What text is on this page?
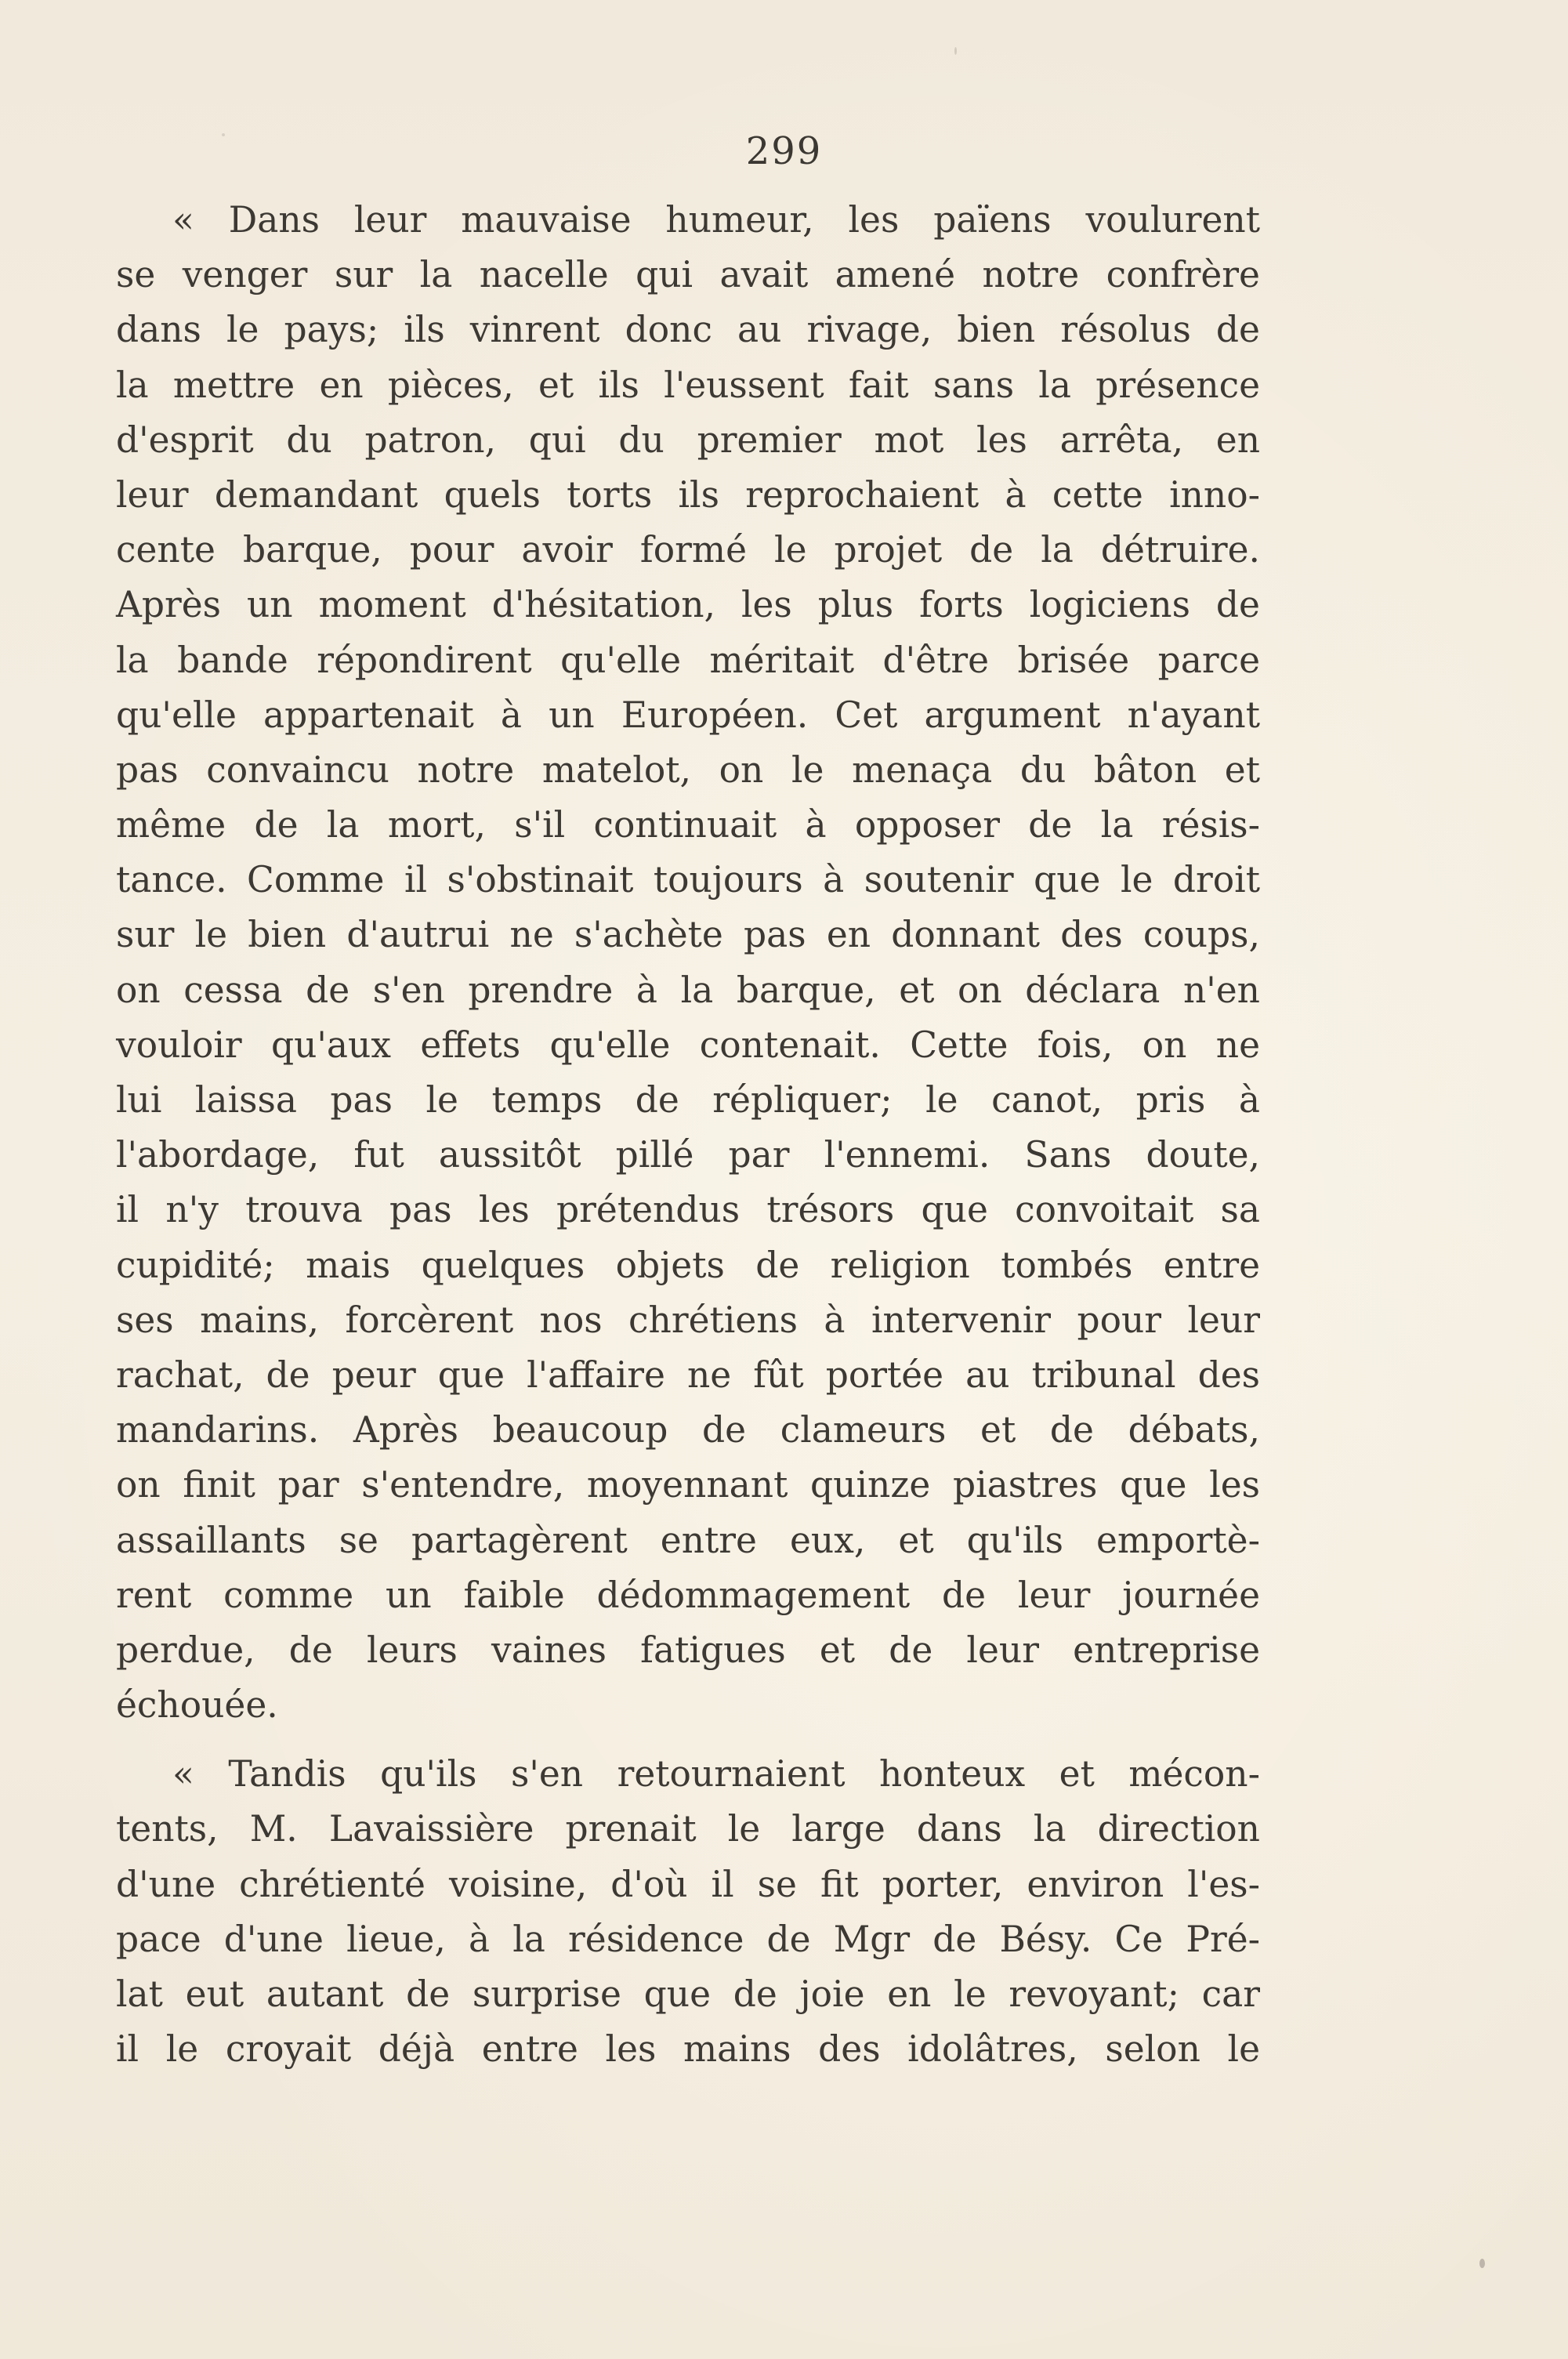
299
« Dans leur mauvaise humeur, les païens voulurent
se venger sur la nacelle qui avait amené notre confrère
dans le pays; ils vinrent donc au rivage, bien résolus de
la mettre en pièces, et ils l'eussent fait sans la présence
d'esprit du patron, qui du premier mot les arrêta, en
leur demandant quels torts ils reprochaient à cette inno-
cente barque, pour avoir formé le projet de la détruire.
Après un moment d'hésitation, les plus forts logiciens de
la bande répondirent qu'elle méritait d'être brisée parce
qu'elle appartenait à un Européen. Cet argument n'ayant
pas convaincu notre matelot, on le menaça du bâton et
même de la mort, s'il continuait à opposer de la résis-
tance. Comme il s'obstinait toujours à soutenir que le droit
sur le bien d'autrui ne s'achète pas en donnant des coups,
on cessa de s'en prendre à la barque, et on déclara n'en
vouloir qu'aux effets qu'elle contenait. Cette fois, on ne
lui laissa pas le temps de répliquer; le canot, pris à
l'abordage, fut aussitôt pillé par l'ennemi. Sans doute,
il n'y trouva pas les prétendus trésors que convoitait sa
cupidité; mais quelques objets de religion tombés entre
ses mains, forcèrent nos chrétiens à intervenir pour leur
rachat, de peur que l'affaire ne fût portée au tribunal des
mandarins. Après beaucoup de clameurs et de débats,
on finit par s'entendre, moyennant quinze piastres que les
assaillants se partagèrent entre eux, et qu'ils emportè-
rent comme un faible dédommagement de leur journée
perdue, de leurs vaines fatigues et de leur entreprise
échouée.
« Tandis qu'ils s'en retournaient honteux et mécon-
tents, M. Lavaissière prenait le large dans la direction
d'une chrétienté voisine, d'où il se fit porter, environ l'es-
pace d'une lieue, à la résidence de Mgr de Bésy. Ce Pré-
lat eut autant de surprise que de joie en le revoyant; car
il le croyait déjà entre les mains des idolâtres, selon le
